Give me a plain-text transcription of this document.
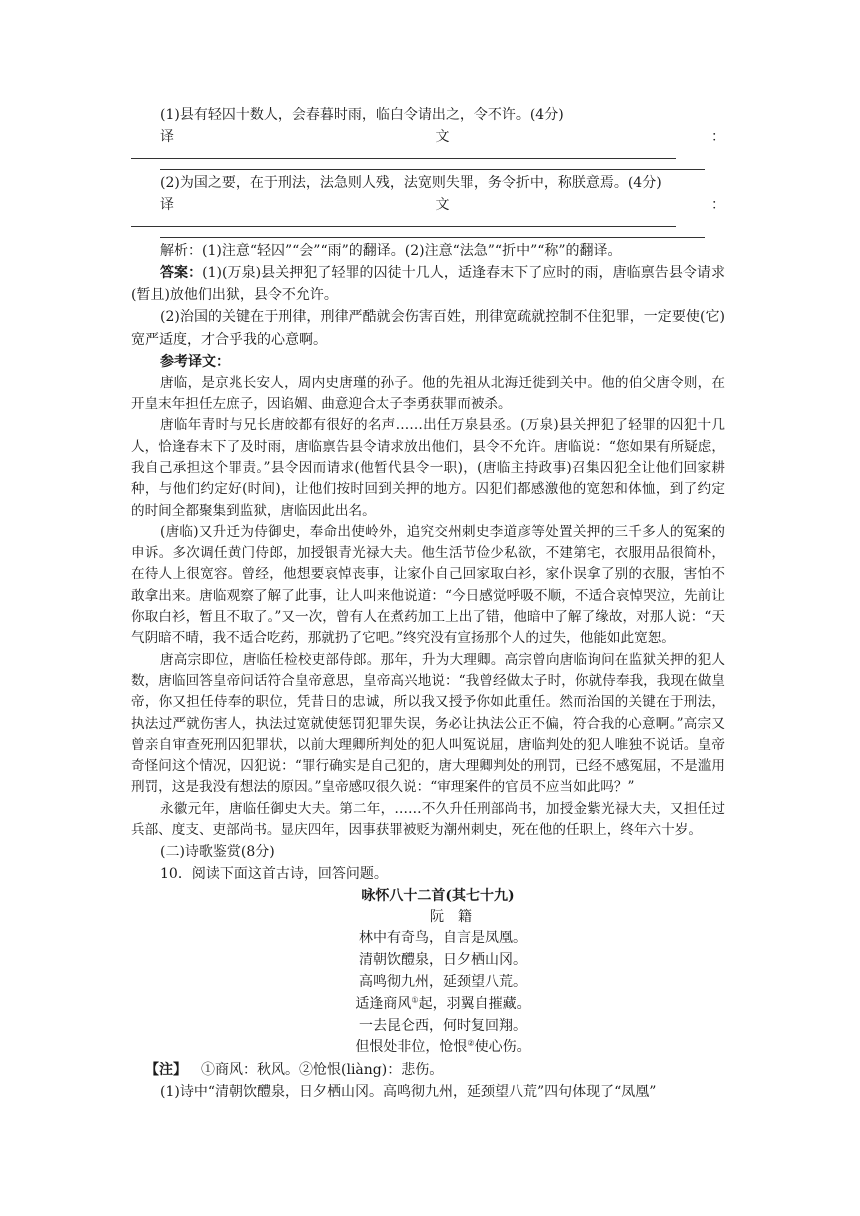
(1)县有轻囚十数人，会春暮时雨，临白令请出之，令不许。(4分)
译	文	：
(2)为国之要，在于刑法，法急则人残，法宽则失罪，务令折中，称朕意焉。(4分)
译	文	：
解析：(1)注意“轻囚”“会”“雨”的翻译。(2)注意“法急”“折中”“称”的翻译。

答案：(1)(万泉)县关押犯了轻罪的囚徒十几人，适逢春末下了应时的雨，唐临禀告县令请求(暂且)放他们出狱，县令不允许。

(2)治国的关键在于刑律，刑律严酷就会伤害百姓，刑律宽疏就控制不住犯罪，一定要使(它)宽严适度，才合乎我的心意啊。

参考译文：

唐临，是京兆长安人，周内史唐瑾的孙子。他的先祖从北海迁徙到关中。他的伯父唐令则，在开皇末年担任左庶子，因谄媚、曲意迎合太子李勇获罪而被杀。

唐临年青时与兄长唐皎都有很好的名声……出任万泉县丞。(万泉)县关押犯了轻罪的囚犯十几人，恰逢春末下了及时雨，唐临禀告县令请求放出他们，县令不允许。唐临说：“您如果有所疑虑，我自己承担这个罪责。”县令因而请求(他暂代县令一职)，(唐临主持政事)召集囚犯全让他们回家耕种，与他们约定好(时间)，让他们按时回到关押的地方。囚犯们都感激他的宽恕和体恤，到了约定的时间全都聚集到监狱，唐临因此出名。

(唐临)又升迁为侍御史，奉命出使岭外，追究交州刺史李道彦等处置关押的三千多人的冤案的申诉。多次调任黄门侍郎，加授银青光禄大夫。他生活节俭少私欲，不建第宅，衣服用品很简朴，在待人上很宽容。曾经，他想要哀悼丧事，让家仆自己回家取白衫，家仆误拿了别的衣服，害怕不敢拿出来。唐临观察了解了此事，让人叫来他说道：“今日感觉呼吸不顺，不适合哀悼哭泣，先前让你取白衫，暂且不取了。”又一次，曾有人在煮药加工上出了错，他暗中了解了缘故，对那人说：“天气阴暗不晴，我不适合吃药，那就扔了它吧。”终究没有宣扬那个人的过失，他能如此宽恕。

唐高宗即位，唐临任检校吏部侍郎。那年，升为大理卿。高宗曾向唐临询问在监狱关押的犯人数，唐临回答皇帝问话符合皇帝意思，皇帝高兴地说：“我曾经做太子时，你就侍奉我，我现在做皇帝，你又担任侍奉的职位，凭昔日的忠诚，所以我又授予你如此重任。然而治国的关键在于刑法，执法过严就伤害人，执法过宽就使惩罚犯罪失误，务必让执法公正不偏，符合我的心意啊。”高宗又曾亲自审查死刑囚犯罪状，以前大理卿所判处的犯人叫冤说屈，唐临判处的犯人唯独不说话。皇帝奇怪问这个情况，囚犯说：“罪行确实是自己犯的，唐大理卿判处的刑罚，已经不感冤屈，不是滥用刑罚，这是我没有想法的原因。”皇帝感叹很久说：“审理案件的官员不应当如此吗？”

永徽元年，唐临任御史大夫。第二年，……不久升任刑部尚书，加授金紫光禄大夫，又担任过兵部、度支、吏部尚书。显庆四年，因事获罪被贬为潮州刺史，死在他的任职上，终年六十岁。

(二)诗歌鉴赏(8分)
10．阅读下面这首古诗，回答问题。
咏怀八十二首(其七十九)
阮籍
林中有奇鸟，自言是凤凰。
清朝饮醴泉，日夕栖山冈。
高鸣彻九州，延颈望八荒。
适逢商风①起，羽翼自摧藏。
一去昆仑西，何时复回翔。
但恨处非位，怆恨②使心伤。
【注】 ①商风：秋风。②怆恨(liàng)：悲伤。
(1)诗中“清朝饮醴泉，日夕栖山冈。高鸣彻九州，延颈望八荒”四句体现了“凤凰”
